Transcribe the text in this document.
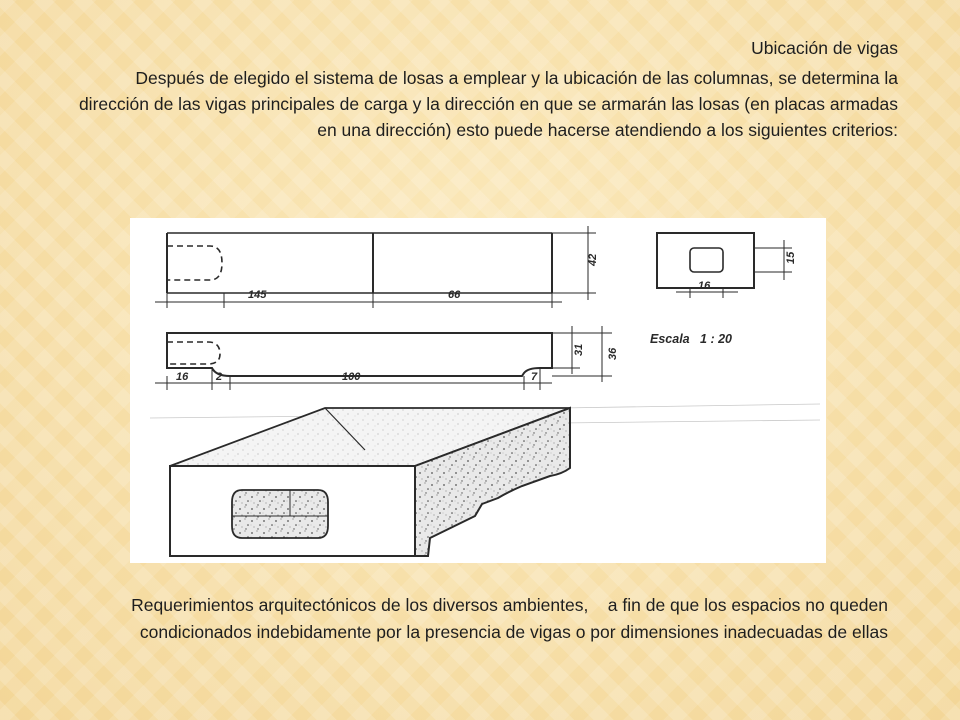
Ubicación de vigas

Después de elegido el sistema de losas a emplear y la ubicación de las columnas, se determina la dirección de las vigas principales de carga y la dirección en que se armarán las losas (en placas armadas en una dirección) esto puede hacerse atendiendo a los siguientes criterios:

145	66
42
16
15
16	2	100	7
31 36
Escala   1 : 20

Requerimientos arquitectónicos de los diversos ambientes,    a fin de que los espacios no queden condicionados indebidamente por la presencia de vigas o por dimensiones inadecuadas de ellas
